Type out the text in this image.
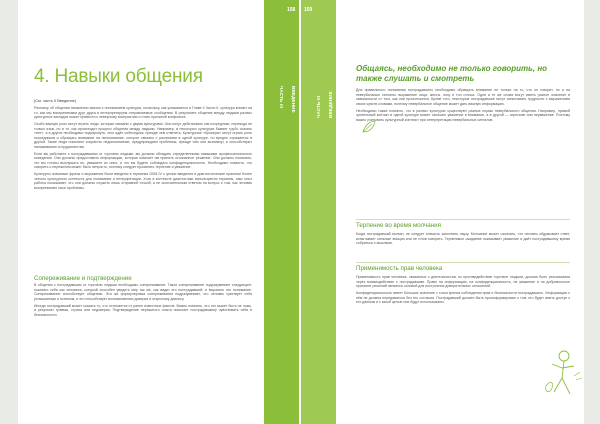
158 159
ЧАСТЬ III ВВЕДЕНИЕ	ЧАСТЬ III ВВЕДЕНИЕ
4. Навыки общения
(См. часть II Введение)

Разговор об общении неизменно связан с пониманием культуры, поскольку, как указывается в Главе 4 Части II, культура влияет на то, как мы воспринимаем друг друга и интерпретируем отправляемые сообщения. В результате общение между людьми разных культурных взглядов может привести к неверному восприятию и стать причиной конфликта.

Особо важную роль могут играть люди, которые связаны с двумя культурами. Они могут действовать как посредники, переводя не только язык, но и то, как происходит процесс общения между людьми. Например, в некоторых культурах бывает грубо сказать «нет», а в других необходимо подчеркнуть, чего ждёт собеседник, прежде чем ответить. Культурные «брокеры» могут играть роль посредников и обращать внимание на непонимание, которое связано с различием в одной культуре, но вредно отражается в другой. Такие люди помогают сократить недопонимание, предупреждают проблемы, прежде чем они возникнут, и способствуют налаживанию сотрудничества.

Если вы работаете с пострадавшими от торговли людьми, вы должны обладать определенными навыками профессионального поведения. Они должны предоставить информацию, которая поможет им принять осознанное решение. Они должны понимать, что вы готовы выслушать их, уважаете их опыт, и что вы будете соблюдать конфиденциальность. Необходимо помнить, что говорить о пережитом может быть непросто, поэтому следует проявлять терпение и уважение.

Культурно значимые фразы и выражения были введены в терминах DSM-IV с целью введения в диагностические практики более четкого культурного контекста для понимания и интерпретации. Хотя в контексте диагностики используются термины, наш опыт работы показывает, что они должны служить лишь отправной точкой, а не окончательным ответом на вопрос о том, как человек воспринимает свои проблемы.

Сопереживание и подтверждение

В общении с пострадавшим от торговли людьми необходимо сопереживание. Такое сопереживание подразумевает следующее: показать себя как человека, который способен увидеть мир так же, как видит его пострадавший, и выразить это понимание. Сопереживание способствует общению. Эта же формулировка сопереживания подразумевает, что человек чувствует себя услышанным и понятым, и это способствует возникновению доверия и открытому диалогу.

Иногда пострадавший может сказать то, что отличается от ранее известных фактов. Важно помнить, что это может быть не ложь, а результат травмы, страха или недоверия. Подтверждение пережитого опыта помогает пострадавшему чувствовать себя в безопасности.

Общаясь, необходимо не только говорить, но также слушать и смотреть

Для правильного понимания пострадавшего необходимо обращать внимание не только на то, что он говорит, но и на невербальные сигналы: выражение лица, жесты, позу и тон голоса. Одни и те же слова могут иметь разное значение в зависимости от того, как они произносятся. Кроме того, некоторые пострадавшие могут испытывать трудности с выражением своих чувств словами, поэтому невербальное общение может дать важную информацию.

Необходимо также помнить, что в разных культурах существуют разные нормы невербального общения. Например, прямой зрительный контакт в одной культуре может означать уважение и внимание, а в другой — агрессию или неуважение. Поэтому важно учитывать культурный контекст при интерпретации невербальных сигналов.

Терпение во время молчания

Когда пострадавший молчит, не следует спешить заполнить паузу. Молчание может означать, что человек обдумывает ответ, испытывает сильные эмоции или не готов говорить. Терпеливое ожидание показывает уважение и даёт пострадавшему время собраться с мыслями.

Применимость прав человека

Применимость прав человека, связанных с деятельностью по противодействию торговле людьми, должна быть реализована через взаимодействие с пострадавшим. Право на информацию, на конфиденциальность, на уважение и на добровольное принятие решений является основой для построения доверительных отношений.

Конфиденциальность имеет большое значение с точки зрения соблюдения прав и безопасности пострадавшего. Информация о нём не должна передаваться без его согласия. Пострадавший должен быть проинформирован о том, кто будет иметь доступ к его данным и с какой целью они будут использованы.
